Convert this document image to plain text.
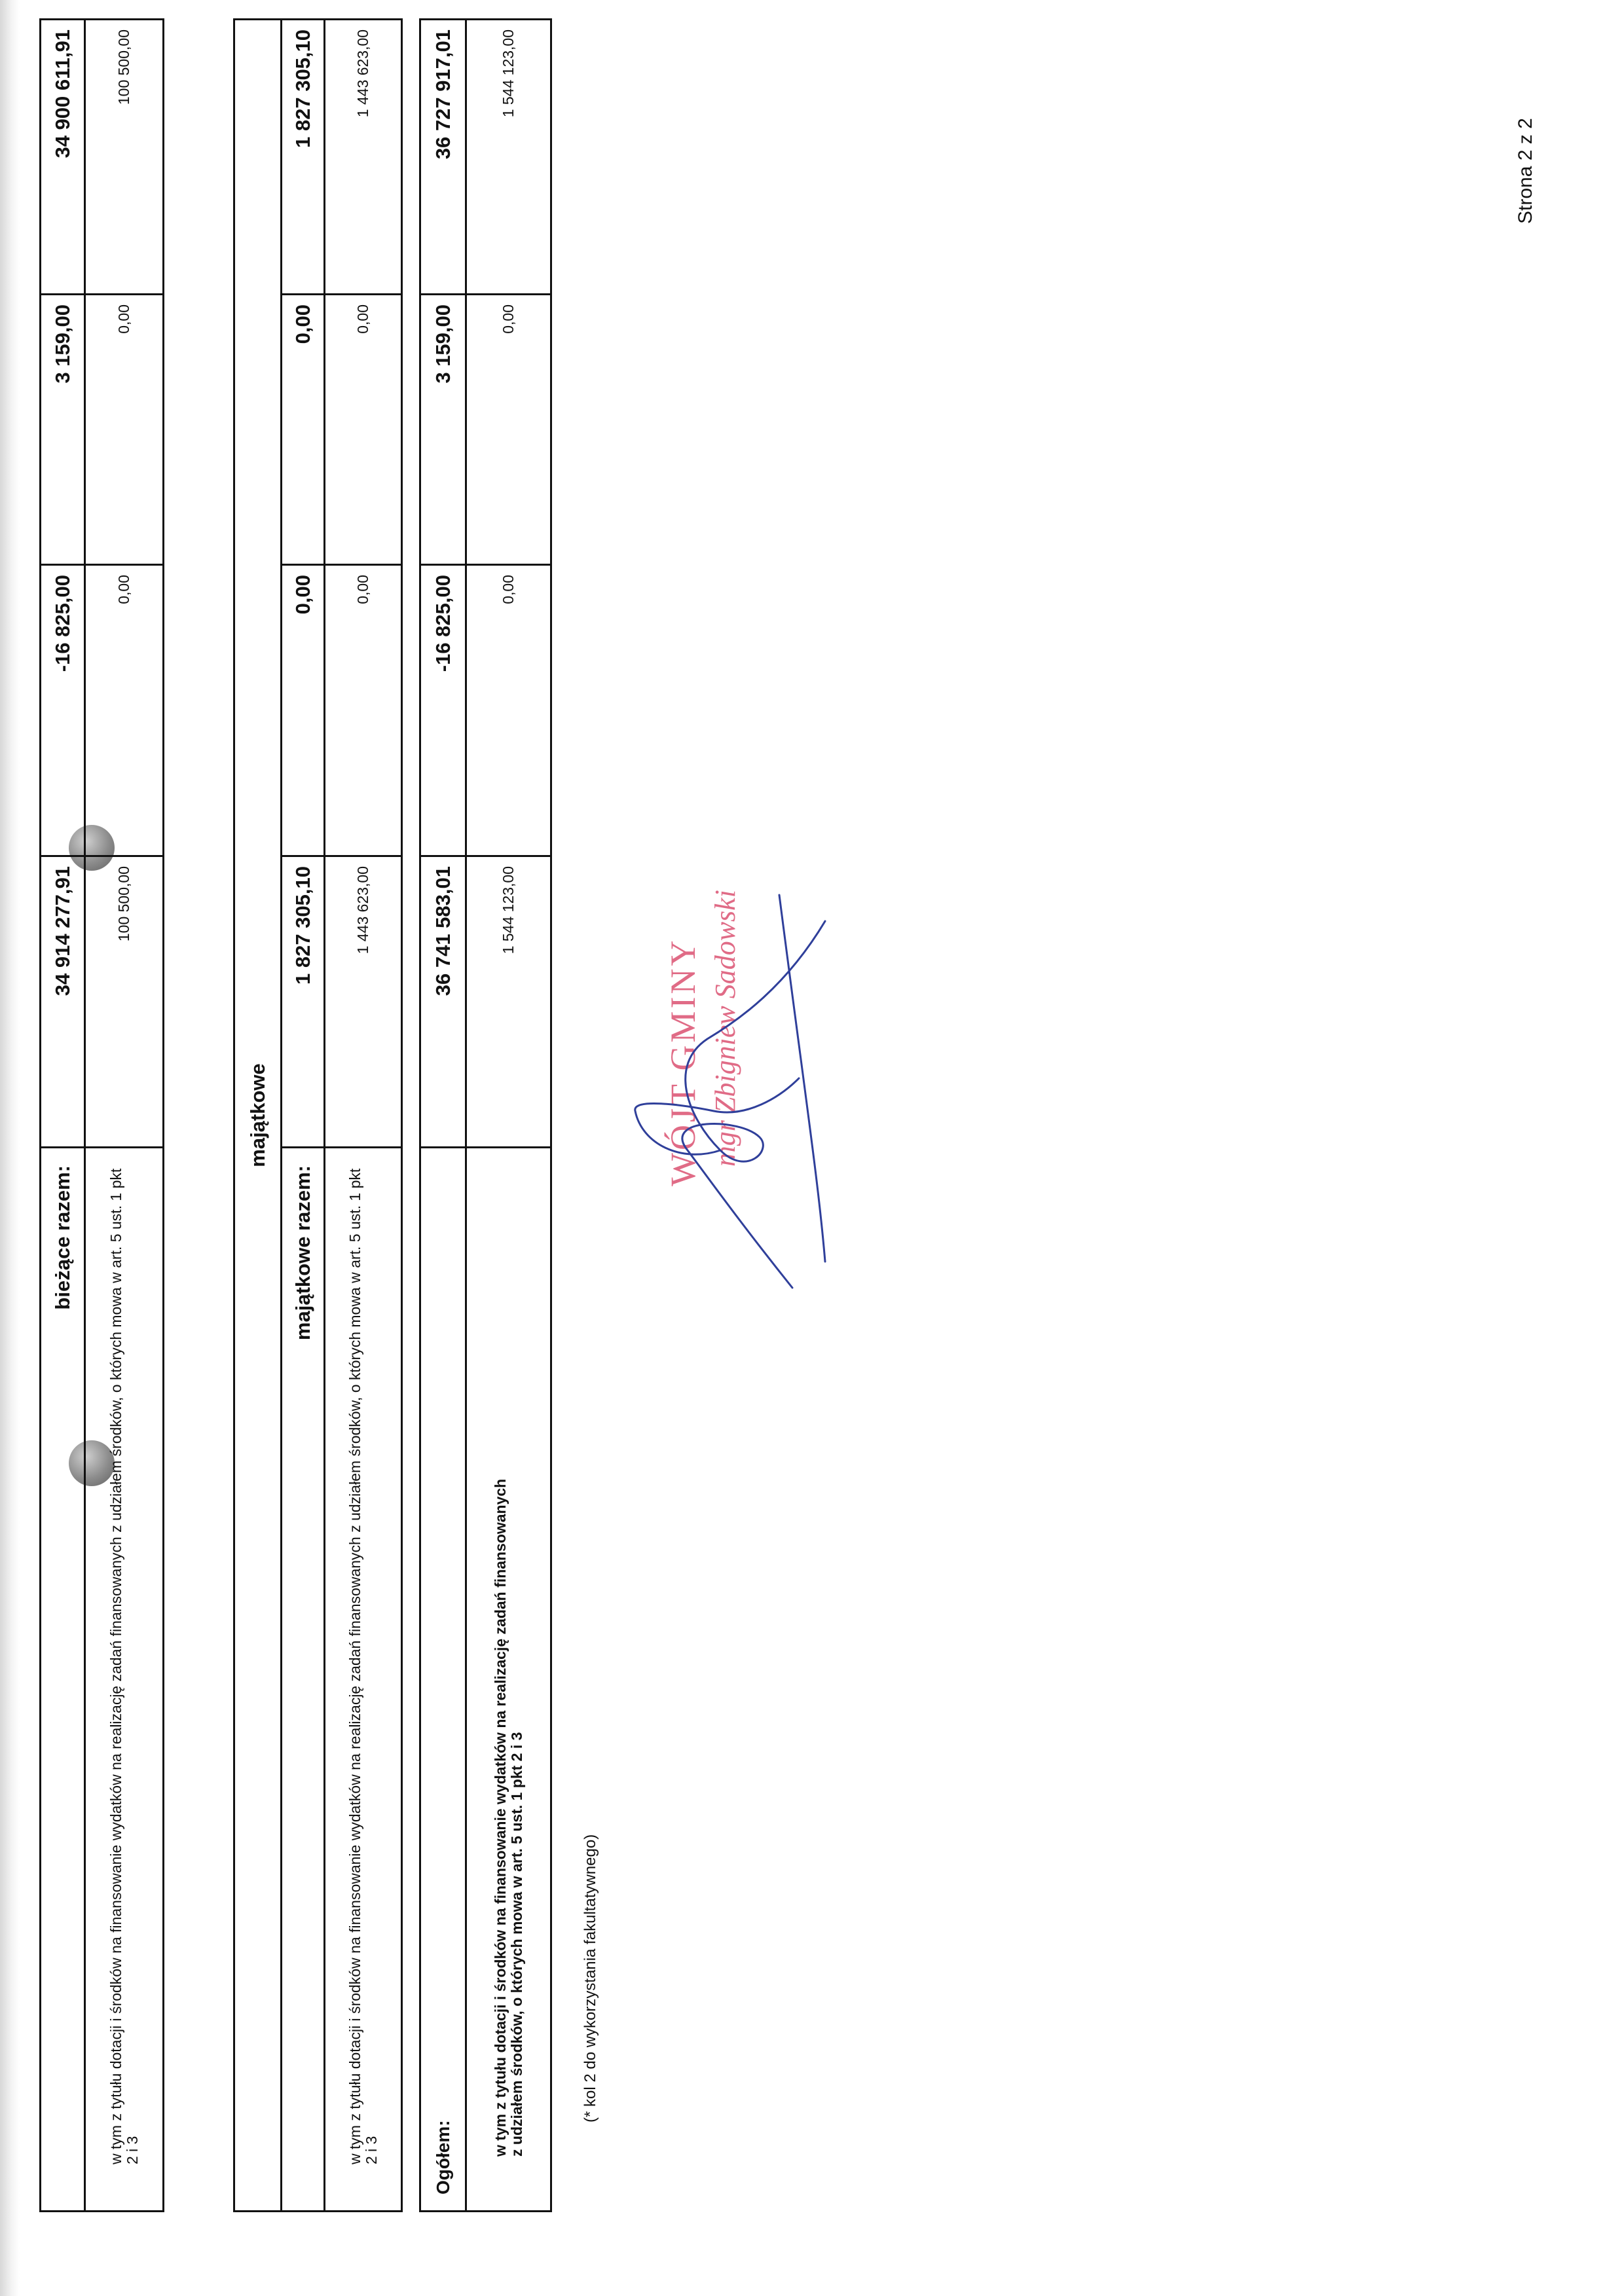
bieżące razem:	34 914 277,91	-16 825,00	3 159,00	34 900 611,91
w tym z tytułu dotacji i środków na finansowanie wydatków na realizację zadań finansowanych z udziałem środków, o których mowa w art. 5 ust. 1 pkt 2 i 3	100 500,00	0,00	0,00	100 500,00
majątkowe				
majątkowe razem:	1 827 305,10	0,00	0,00	1 827 305,10
w tym z tytułu dotacji i środków na finansowanie wydatków na realizację zadań finansowanych z udziałem środków, o których mowa w art. 5 ust. 1 pkt 2 i 3	1 443 623,00	0,00	0,00	1 443 623,00
Ogółem:	36 741 583,01	-16 825,00	3 159,00	36 727 917,01
w tym z tytułu dotacji i środków na finansowanie wydatków na realizację zadań finansowanych z udziałem środków, o których mowa w art. 5 ust. 1 pkt 2 i 3	1 544 123,00	0,00	0,00	1 544 123,00
(* kol 2 do wykorzystania fakultatywnego)
WÓJT GMINY mgr Zbigniew Sadowski
Strona 2 z 2
